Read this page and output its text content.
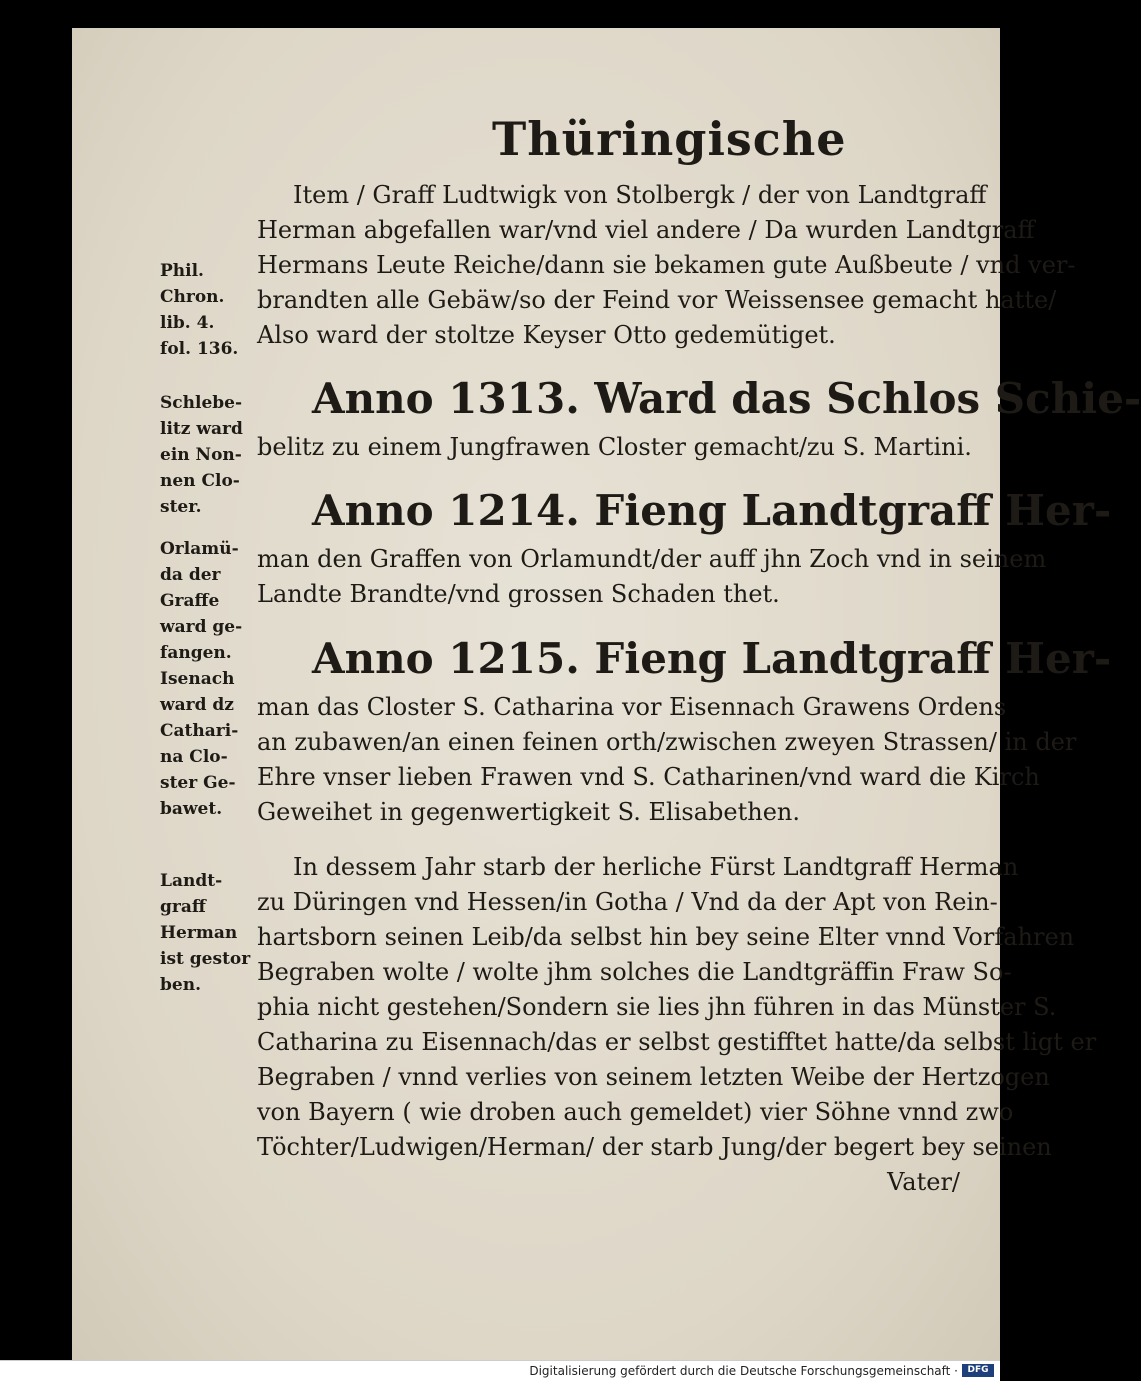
Thüringische
Phil.
Chron.
lib. 4.
fol. 136.
Schlebe-
litz ward
ein Non-
nen Clo-
ster.
Orlamü-
da der
Graffe
ward ge-
fangen.
Isenach
ward dz
Cathari-
na Clo-
ster Ge-
bawet.
Landt-
graff
Herman
ist gestor
ben.
Item / Graff Ludtwigk von Stolbergk / der von Landtgraff
Herman abgefallen war/vnd viel andere / Da wurden Landtgraff
Hermans Leute Reiche/dann sie bekamen gute Außbeute / vnd ver-
brandten alle Gebäw/so der Feind vor Weissensee gemacht hatte/
Also ward der stoltze Keyser Otto gedemütiget.
Anno 1313. Ward das Schlos Schie-
belitz zu einem Jungfrawen Closter gemacht/zu S. Martini.
Anno 1214. Fieng Landtgraff Her-
man den Graffen von Orlamundt/der auff jhn Zoch vnd in seinem
Landte Brandte/vnd grossen Schaden thet.
Anno 1215. Fieng Landtgraff Her-
man das Closter S. Catharina vor Eisennach Grawens Ordens
an zubawen/an einen feinen orth/zwischen zweyen Strassen/ in der
Ehre vnser lieben Frawen vnd S. Catharinen/vnd ward die Kirch
Geweihet in gegenwertigkeit S. Elisabethen.
In dessem Jahr starb der herliche Fürst Landtgraff Herman
zu Düringen vnd Hessen/in Gotha / Vnd da der Apt von Rein-
hartsborn seinen Leib/da selbst hin bey seine Elter vnnd Vorfahren
Begraben wolte / wolte jhm solches die Landtgräffin Fraw So-
phia nicht gestehen/Sondern sie lies jhn führen in das Münster S.
Catharina zu Eisennach/das er selbst gestifftet hatte/da selbst ligt er
Begraben / vnnd verlies von seinem letzten Weibe der Hertzogen
von Bayern ( wie droben auch gemeldet) vier Söhne vnnd zwo
Töchter/Ludwigen/Herman/ der starb Jung/der begert bey seinen
Vater/
Digitalisierung gefördert durch die Deutsche Forschungsgemeinschaft ·	DFG
